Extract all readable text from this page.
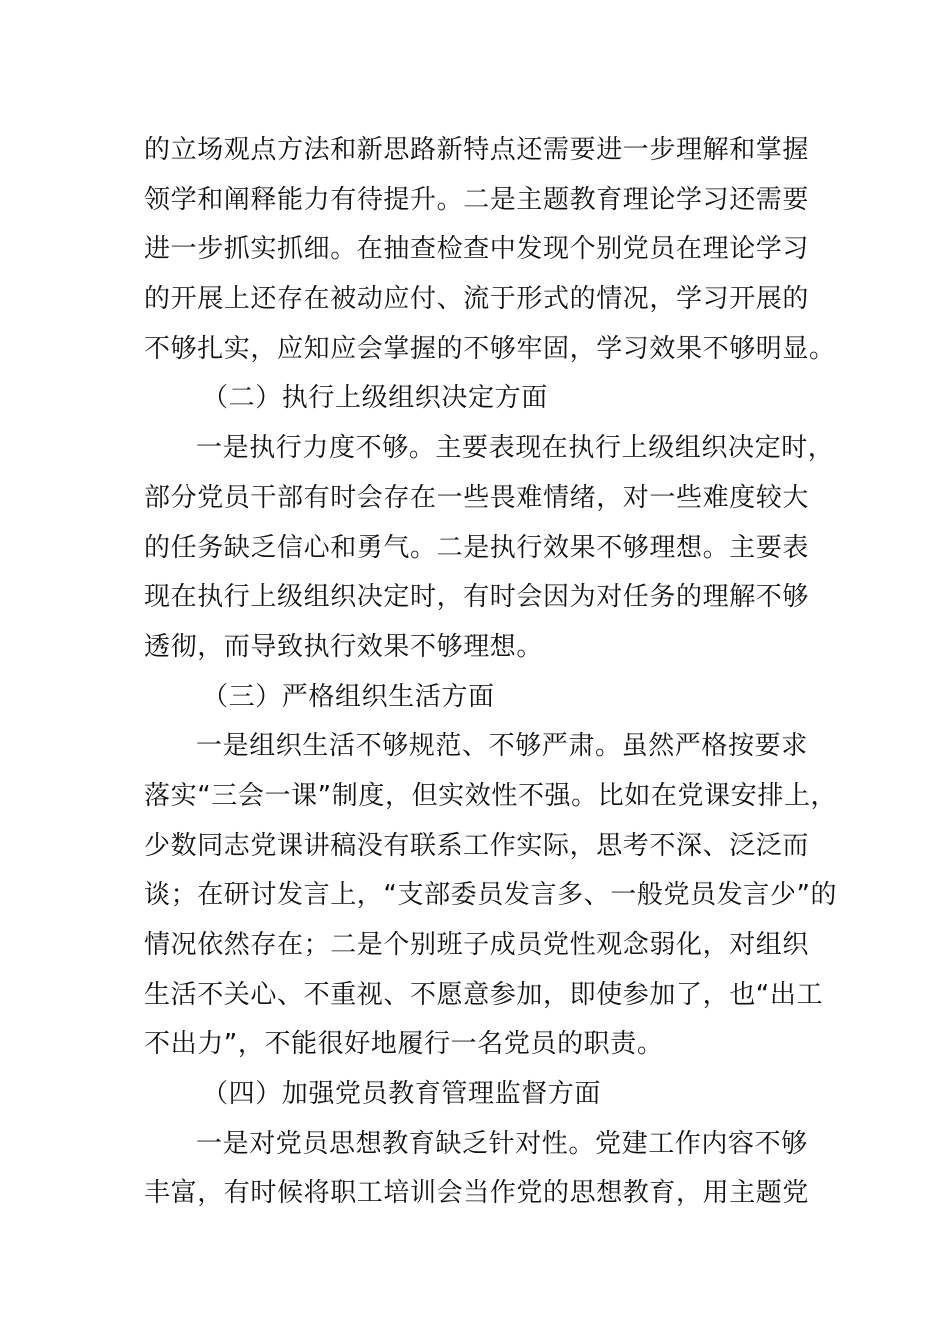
的立场观点方法和新思路新特点还需要进一步理解和掌握
领学和阐释能力有待提升。二是主题教育理论学习还需要
进一步抓实抓细。在抽查检查中发现个别党员在理论学习
的开展上还存在被动应付、流于形式的情况，学习开展的
不够扎实，应知应会掌握的不够牢固，学习效果不够明显。
（二）执行上级组织决定方面
一是执行力度不够。主要表现在执行上级组织决定时，
部分党员干部有时会存在一些畏难情绪，对一些难度较大
的任务缺乏信心和勇气。二是执行效果不够理想。主要表
现在执行上级组织决定时，有时会因为对任务的理解不够
透彻，而导致执行效果不够理想。
（三）严格组织生活方面
一是组织生活不够规范、不够严肃。虽然严格按要求
落实“三会一课”制度，但实效性不强。比如在党课安排上，
少数同志党课讲稿没有联系工作实际，思考不深、泛泛而
谈；在研讨发言上，“支部委员发言多、一般党员发言少”的
情况依然存在；二是个别班子成员党性观念弱化，对组织
生活不关心、不重视、不愿意参加，即使参加了，也“出工
不出力”，不能很好地履行一名党员的职责。
（四）加强党员教育管理监督方面
一是对党员思想教育缺乏针对性。党建工作内容不够
丰富，有时候将职工培训会当作党的思想教育，用主题党
